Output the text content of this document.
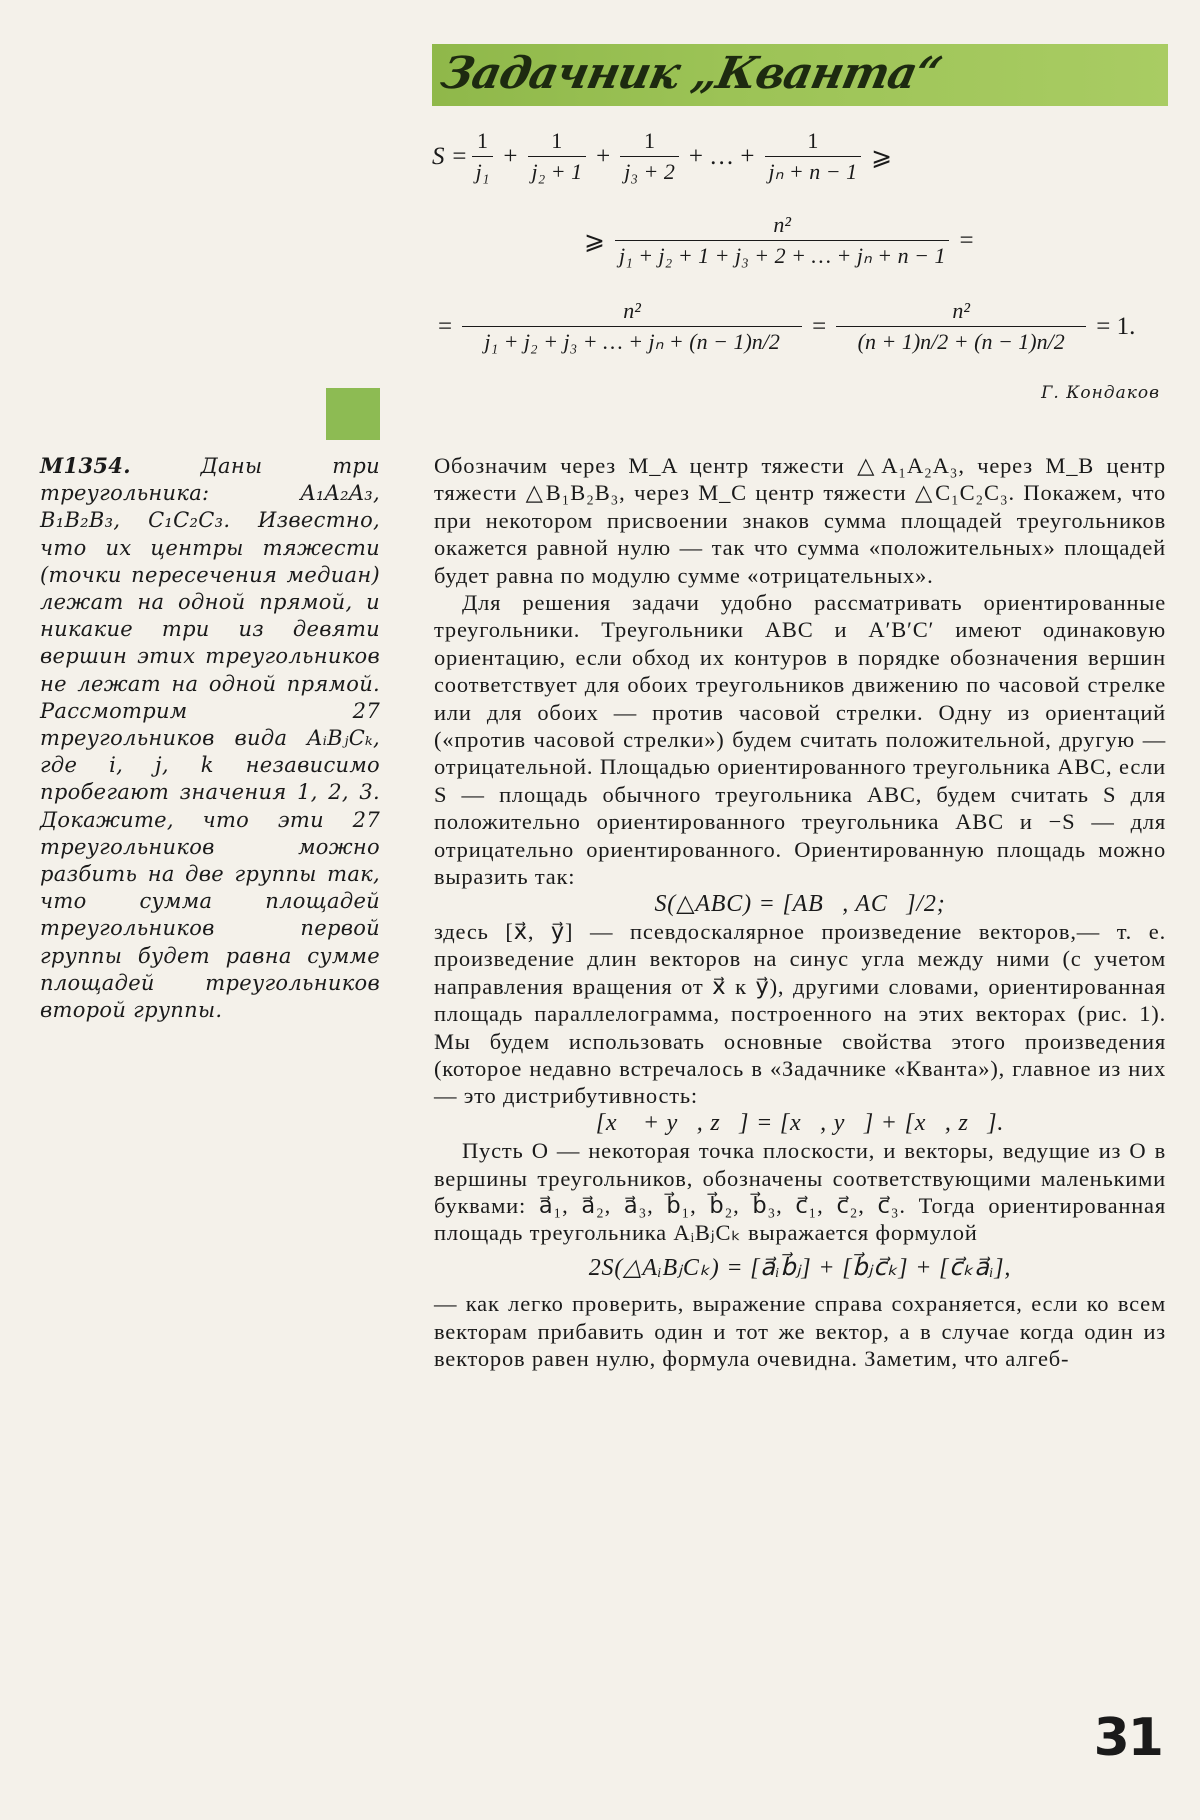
Задачник „Кванта“
$S = \frac{1}{\text{j₁}} + \frac{1}{\text{j₂ + 1}} + \frac{1}{\text{j₃ + 2}}$ + … + $\frac{1}{\text{jₙ + n − 1}}$ ⩾
⩾ $\frac{\text{n²}}{\text{j₁ + j₂ + 1 + j₃ + 2 + … + jₙ + n − 1}}$ =
= $\frac{\text{n²}}{\text{j₁ + j₂ + j₃ + … + jₙ + (n − 1)n/2}} = \frac{\text{n²}}{(n + 1)n/2 + (n - 1)n/2} = 1$.
Г. Кондаков
М1354.	Даны три треугольника: A₁A₂A₃, B₁B₂B₃, C₁C₂C₃. Известно, что их центры тяжести (точки пересечения медиан) лежат на одной прямой, и никакие три из девяти вершин этих треугольников не лежат на одной прямой. Рассмотрим 27 треугольников вида AᵢBⱼCₖ, где i, j, k независимо пробегают значения 1, 2, 3. Докажите, что эти 27 треугольников можно разбить на две группы так, что сумма площадей треугольников первой группы будет равна сумме площадей треугольников второй группы.

Обозначим через M_A центр тяжести △A₁A₂A₃, через M_B центр тяжести △B₁B₂B₃, через M_C центр тяжести △C₁C₂C₃. Покажем, что при некотором присвоении знаков сумма площадей треугольников окажется равной нулю — так что сумма «положительных» площадей будет равна по модулю сумме «отрицательных».

Для решения задачи удобно рассматривать ориентированные треугольники. Треугольники ABC и A′B′C′ имеют одинаковую ориентацию, если обход их контуров в порядке обозначения вершин соответствует для обоих треугольников движению по часовой стрелке или для обоих — против часовой стрелки. Одну из ориентаций («против часовой стрелки») будем считать положительной, другую — отрицательной. Площадью ориентированного треугольника ABC, если S — площадь обычного треугольника ABC, будем считать S для положительно ориентированного треугольника ABC и −S — для отрицательно ориентированного. Ориентированную площадь можно выразить так:

S(△ABC) = [AB⃗, AC⃗]/2;

здесь [x⃗, y⃗] — псевдоскалярное произведение векторов,— т. е. произведение длин векторов на синус угла между ними (с учетом направления вращения от x⃗ к y⃗), другими словами, ориентированная площадь параллелограмма, построенного на этих векторах (рис. 1). Мы будем использовать основные свойства этого произведения (которое недавно встречалось в «Задачнике «Кванта»), главное из них — это дистрибутивность:

[x⃗ + y⃗, z⃗] = [x⃗, y⃗] + [x⃗, z⃗].

Пусть O — некоторая точка плоскости, и векторы, ведущие из O в вершины треугольников, обозначены соответствующими маленькими буквами: a⃗₁, a⃗₂, a⃗₃, b⃗₁, b⃗₂, b⃗₃, c⃗₁, c⃗₂, c⃗₃. Тогда ориентированная площадь треугольника AᵢBⱼCₖ выражается формулой

2S(△AᵢBⱼCₖ) = [a⃗ᵢb⃗ⱼ] + [b⃗ⱼc⃗ₖ] + [c⃗ₖa⃗ᵢ],

— как легко проверить, выражение справа сохраняется, если ко всем векторам прибавить один и тот же вектор, а в случае когда один из векторов равен нулю, формула очевидна. Заметим, что алгеб-

31
